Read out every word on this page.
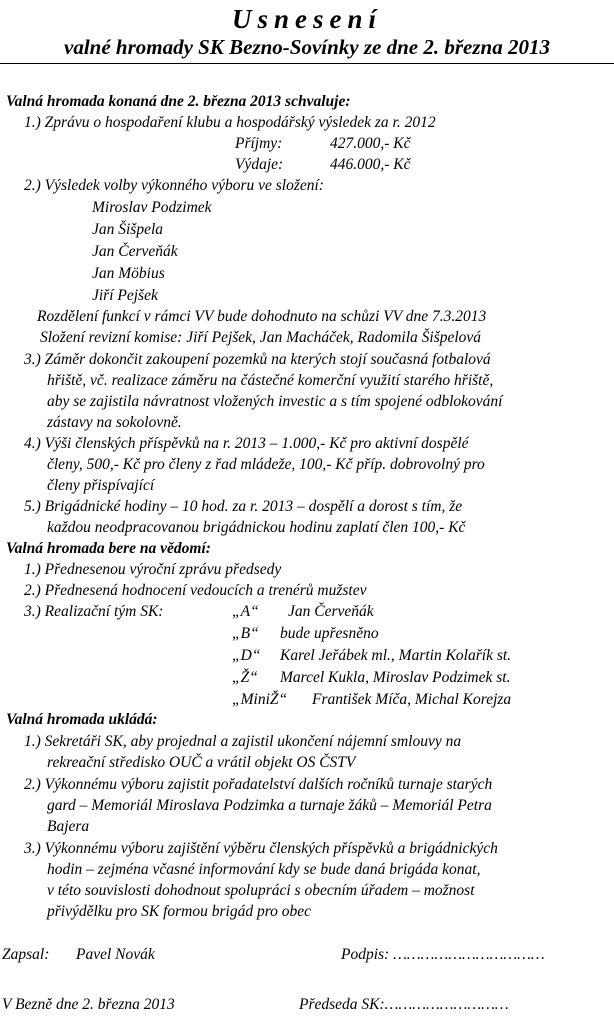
Usnesení
valné hromady SK Bezno-Sovínky ze dne 2. března 2013
Valná hromada konaná dne 2. března 2013 schvaluje:
1.) Zprávu o hospodaření klubu a hospodářský výsledek za r. 2012
Příjmy:	427.000,- Kč
Výdaje:	446.000,- Kč
2.) Výsledek volby výkonného výboru ve složení:
Miroslav Podzimek
Jan Šišpela
Jan Červeňák
Jan Möbius
Jiří Pejšek
Rozdělení funkcí v rámci VV bude dohodnuto na schůzi VV dne 7.3.2013
Složení revizní komise: Jiří Pejšek, Jan Macháček, Radomila Šišpelová
3.) Záměr dokončit zakoupení pozemků na kterých stojí současná fotbalová
hřiště, vč. realizace záměru na částečné komerční využití starého hřiště,
aby se zajistila návratnost vložených investic a s tím spojené odblokování
zástavy na sokolovně.
4.) Výši členských příspěvků na r. 2013 – 1.000,- Kč pro aktivní dospělé
členy, 500,- Kč pro členy z řad mládeže, 100,- Kč příp. dobrovolný pro
členy přispívající
5.) Brigádnické hodiny – 10 hod. za r. 2013 – dospělí a dorost s tím, že
každou neodpracovanou brigádnickou hodinu zaplatí člen 100,- Kč
Valná hromada bere na vědomí:
1.) Přednesenou výroční zprávu předsedy
2.) Přednesená hodnocení vedoucích a trenérů mužstev
3.) Realizační tým SK:	„A“ Jan Červeňák
„B“ bude upřesněno
„D“ Karel Jeřábek ml., Martin Kolařík st.
„Ž“ Marcel Kukla, Miroslav Podzimek st.
„MiniŽ“ František Míča, Michal Korejza
Valná hromada ukládá:
1.) Sekretáři SK, aby projednal a zajistil ukončení nájemní smlouvy na
rekreační středisko OUČ a vrátil objekt OS ČSTV
2.) Výkonnému výboru zajistit pořadatelství dalších ročníků turnaje starých
gard – Memoriál Miroslava Podzimka a turnaje žáků – Memoriál Petra
Bajera
3.) Výkonnému výboru zajištění výběru členských příspěvků a brigádnických
hodin – zejména včasné informování kdy se bude daná brigáda konat,
v této souvislosti dohodnout spolupráci s obecním úřadem – možnost
přivýdělku pro SK formou brigád pro obec
Zapsal: Pavel Novák	Podpis: ……………………………
V Bezně dne 2. března 2013	Předseda SK:………………………
